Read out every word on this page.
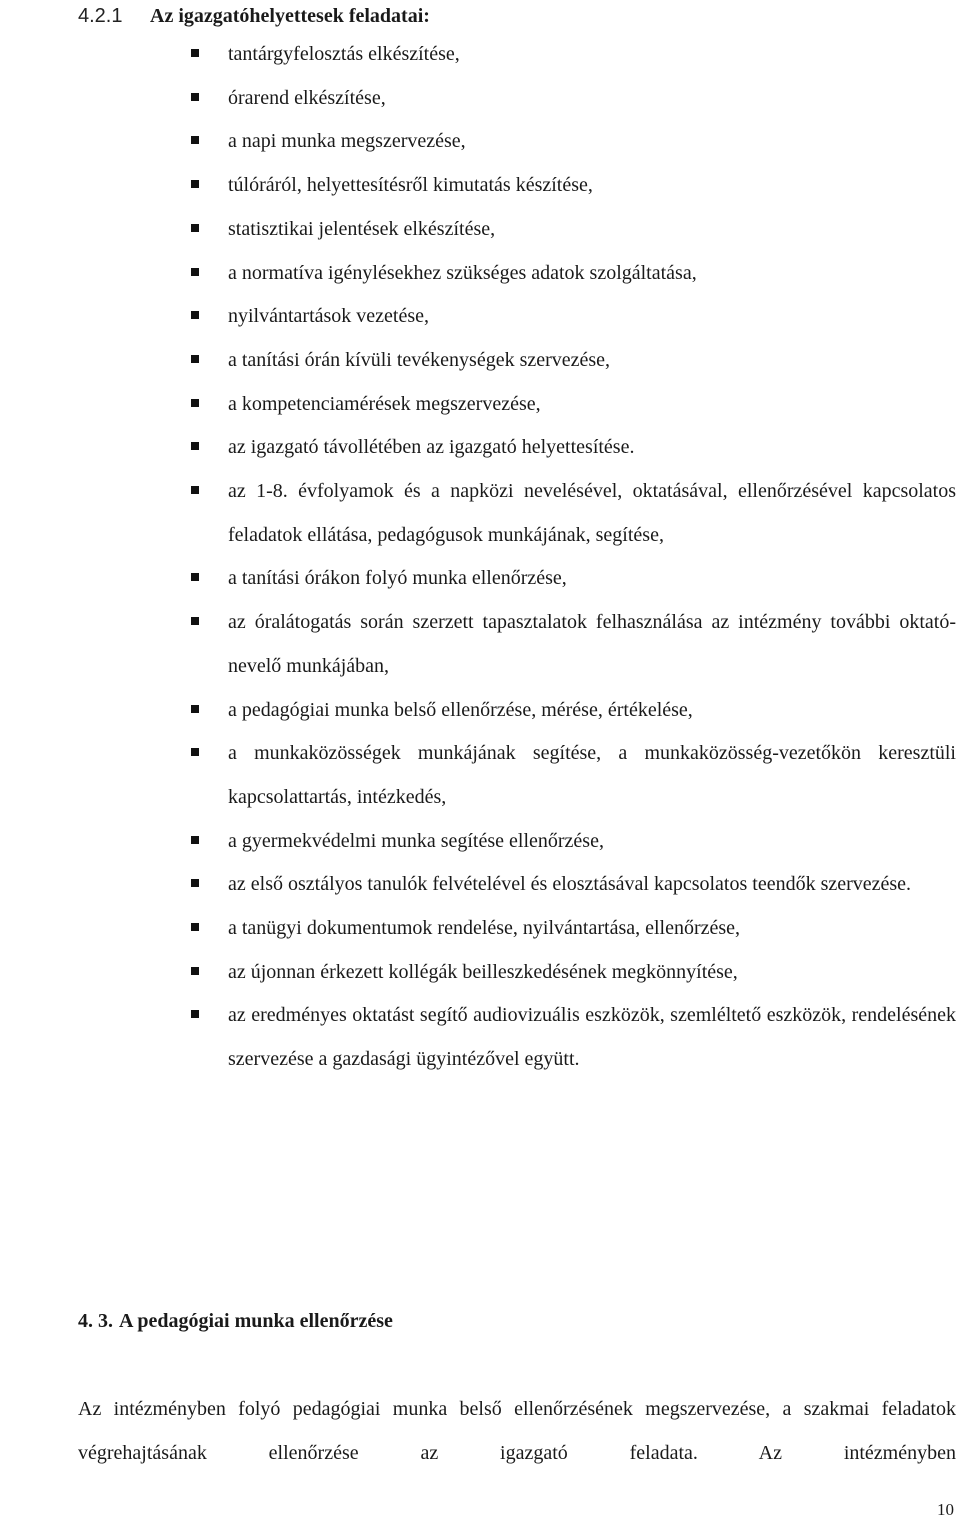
4.2.1	Az igazgatóhelyettesek feladatai:
tantárgyfelosztás elkészítése,
órarend elkészítése,
a napi munka megszervezése,
túlóráról, helyettesítésről kimutatás készítése,
statisztikai jelentések elkészítése,
a normatíva igénylésekhez szükséges adatok szolgáltatása,
nyilvántartások vezetése,
a tanítási órán kívüli tevékenységek szervezése,
a kompetenciamérések megszervezése,
az igazgató távollétében az igazgató helyettesítése.
az 1-8. évfolyamok és a napközi nevelésével, oktatásával, ellenőrzésével kapcsolatos feladatok ellátása, pedagógusok munkájának, segítése,
a tanítási órákon folyó munka ellenőrzése,
az óralátogatás során szerzett tapasztalatok felhasználása az intézmény további oktató-nevelő munkájában,
a pedagógiai munka belső ellenőrzése, mérése, értékelése,
a munkaközösségek munkájának segítése, a munkaközösség-vezetőkön keresztüli kapcsolattartás, intézkedés,
a gyermekvédelmi munka segítése ellenőrzése,
az első osztályos tanulók felvételével és elosztásával kapcsolatos teendők szervezése.
a tanügyi dokumentumok rendelése, nyilvántartása, ellenőrzése,
az újonnan érkezett kollégák beilleszkedésének megkönnyítése,
az eredményes oktatást segítő audiovizuális eszközök, szemléltető eszközök, rendelésének szervezése a gazdasági ügyintézővel együtt.
4. 3. A pedagógiai munka ellenőrzése
Az intézményben folyó pedagógiai munka belső ellenőrzésének megszervezése, a szakmai feladatok végrehajtásának ellenőrzése az igazgató feladata. Az intézményben
10
